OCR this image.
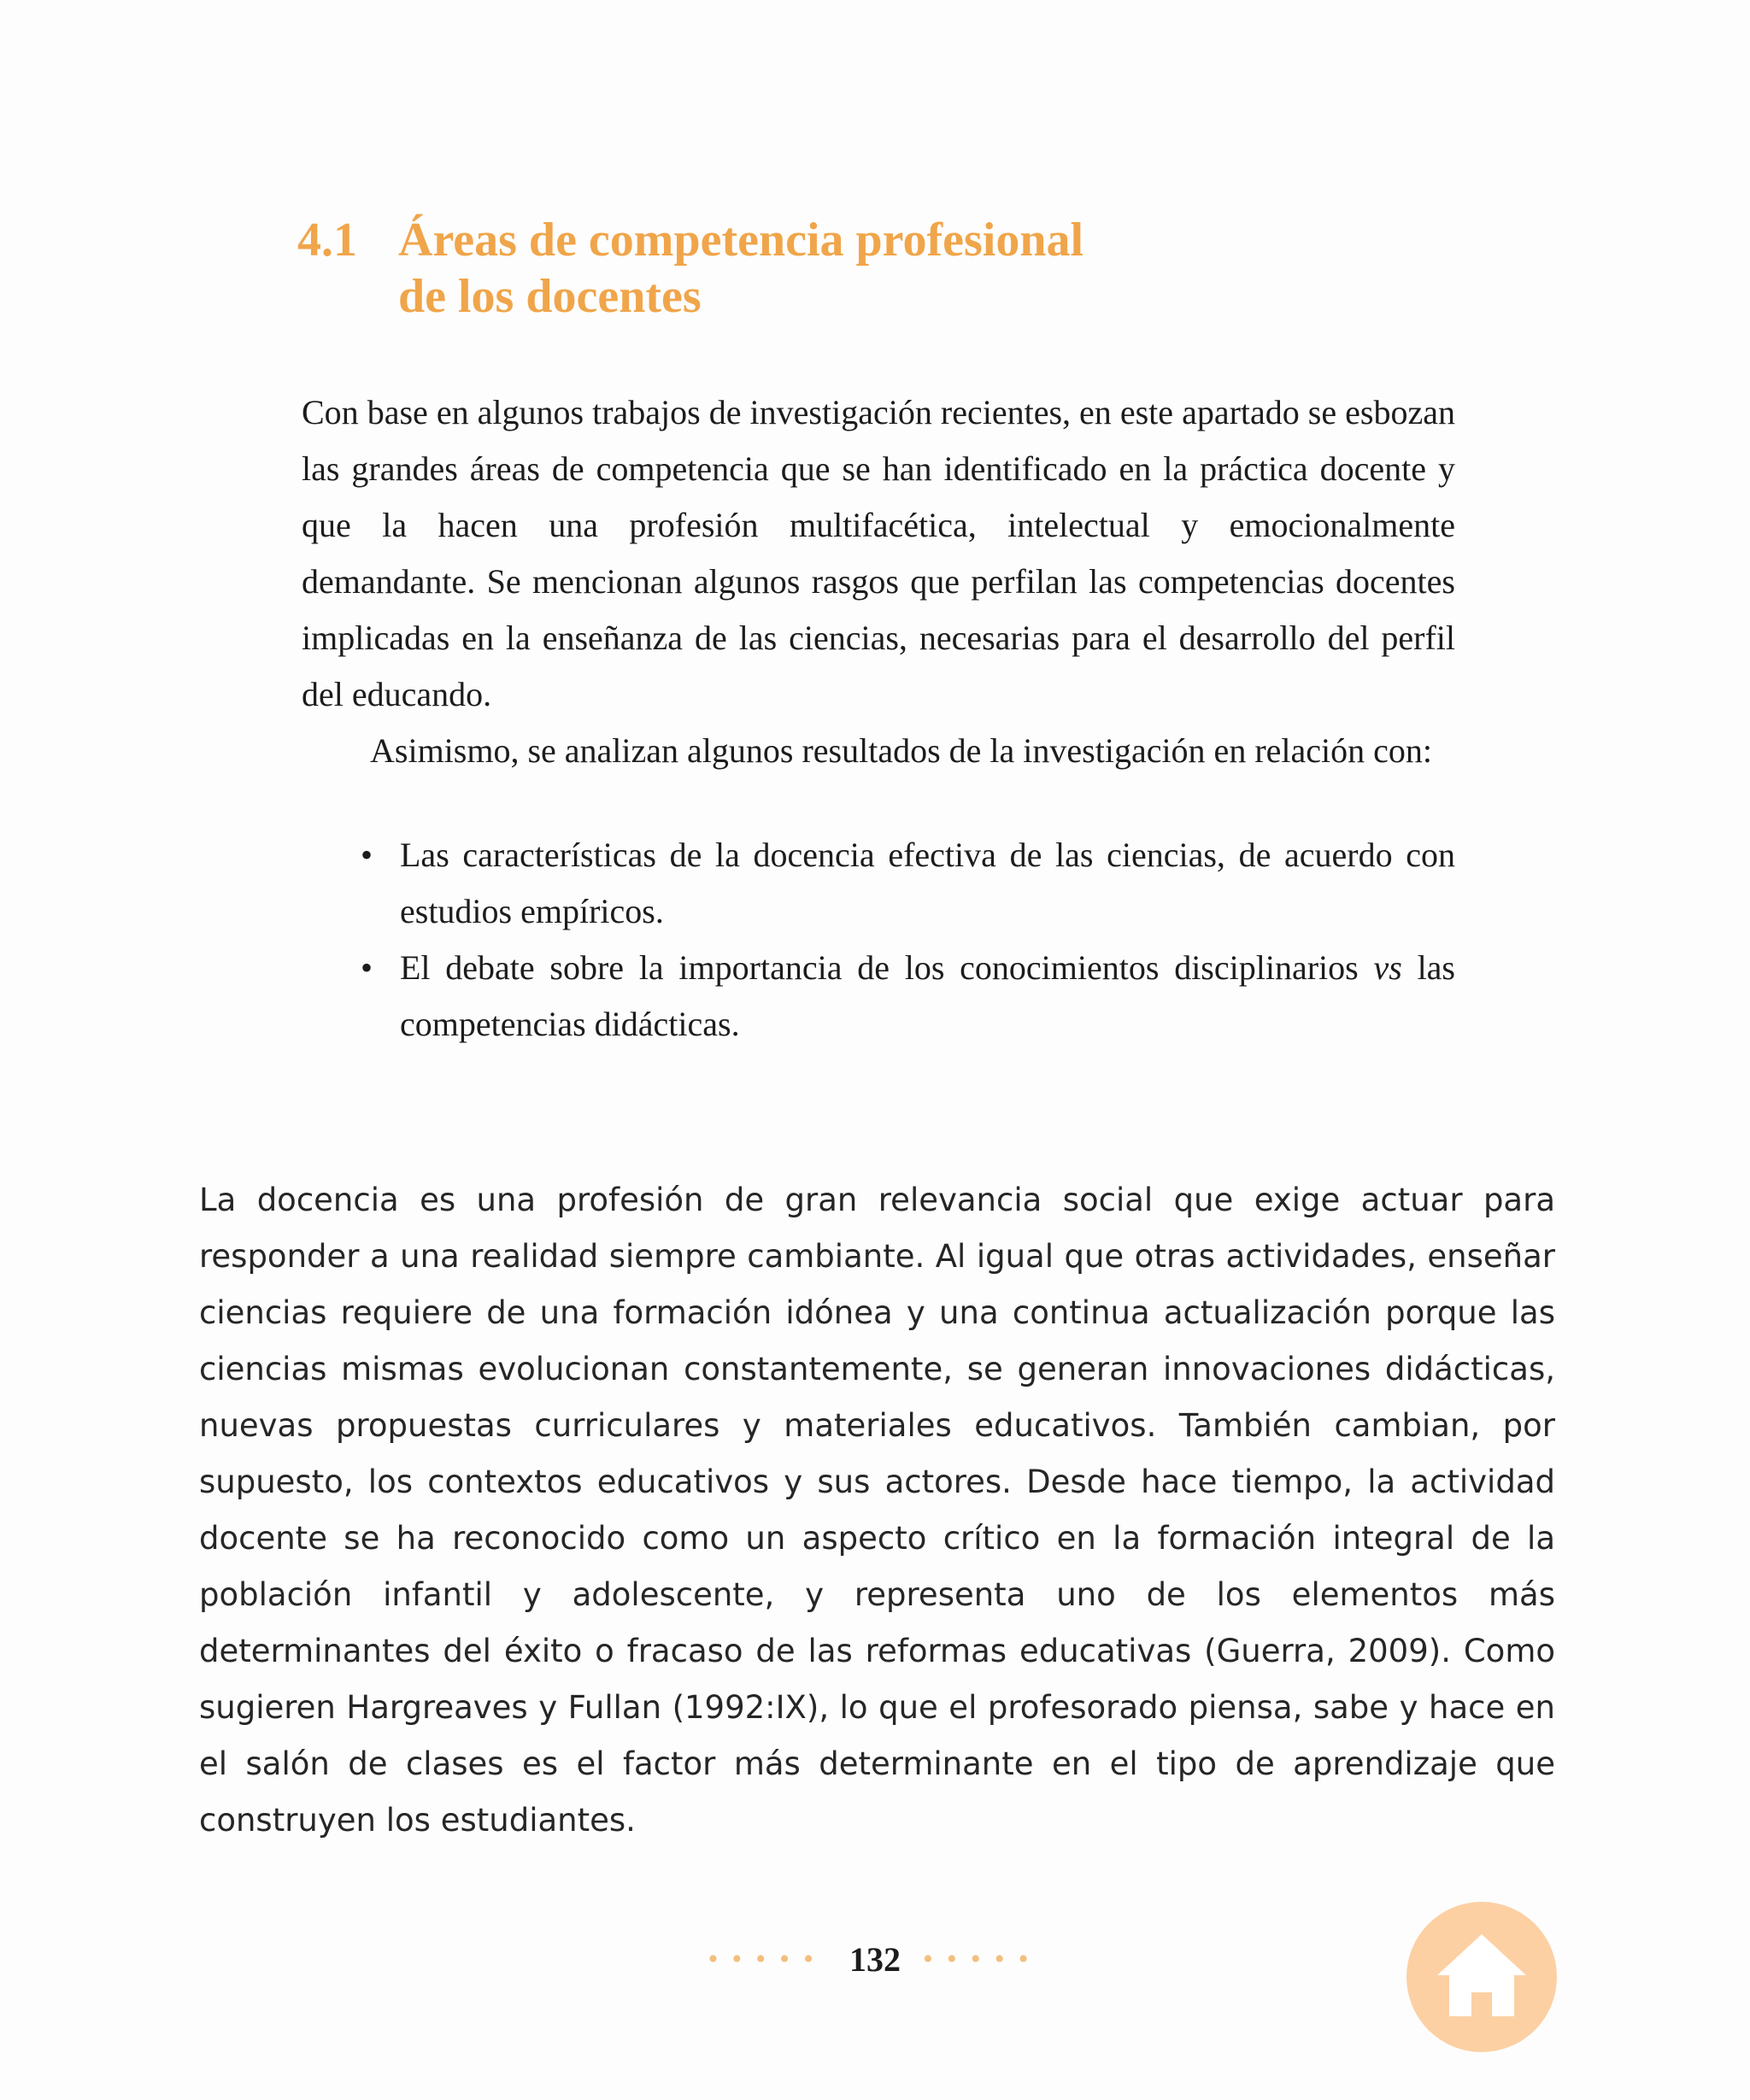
4.1 Áreas de competencia profesional
de los docentes

Con base en algunos trabajos de investigación recientes, en este apartado se esbozan las grandes áreas de competencia que se han identificado en la práctica docente y que la hacen una profesión multifacética, intelectual y emocionalmente demandante. Se mencionan algunos rasgos que perfilan las competencias docentes implicadas en la enseñanza de las ciencias, necesarias para el desarrollo del perfil del educando.

Asimismo, se analizan algunos resultados de la investigación en relación con:

• Las características de la docencia efectiva de las ciencias, de acuerdo con estudios empíricos.
• El debate sobre la importancia de los conocimientos disciplinarios vs las competencias didácticas.

La docencia es una profesión de gran relevancia social que exige actuar para responder a una realidad siempre cambiante. Al igual que otras actividades, enseñar ciencias requiere de una formación idónea y una continua actualización porque las ciencias mismas evolucionan constantemente, se generan innovaciones didácticas, nuevas propuestas curriculares y materiales educativos. También cambian, por supuesto, los contextos educativos y sus actores. Desde hace tiempo, la actividad docente se ha reconocido como un aspecto crítico en la formación integral de la población infantil y adolescente, y representa uno de los elementos más determinantes del éxito o fracaso de las reformas educativas (Guerra, 2009). Como sugieren Hargreaves y Fullan (1992:IX), lo que el profesorado piensa, sabe y hace en el salón de clases es el factor más determinante en el tipo de aprendizaje que construyen los estudiantes.

••••• 132 •••••
